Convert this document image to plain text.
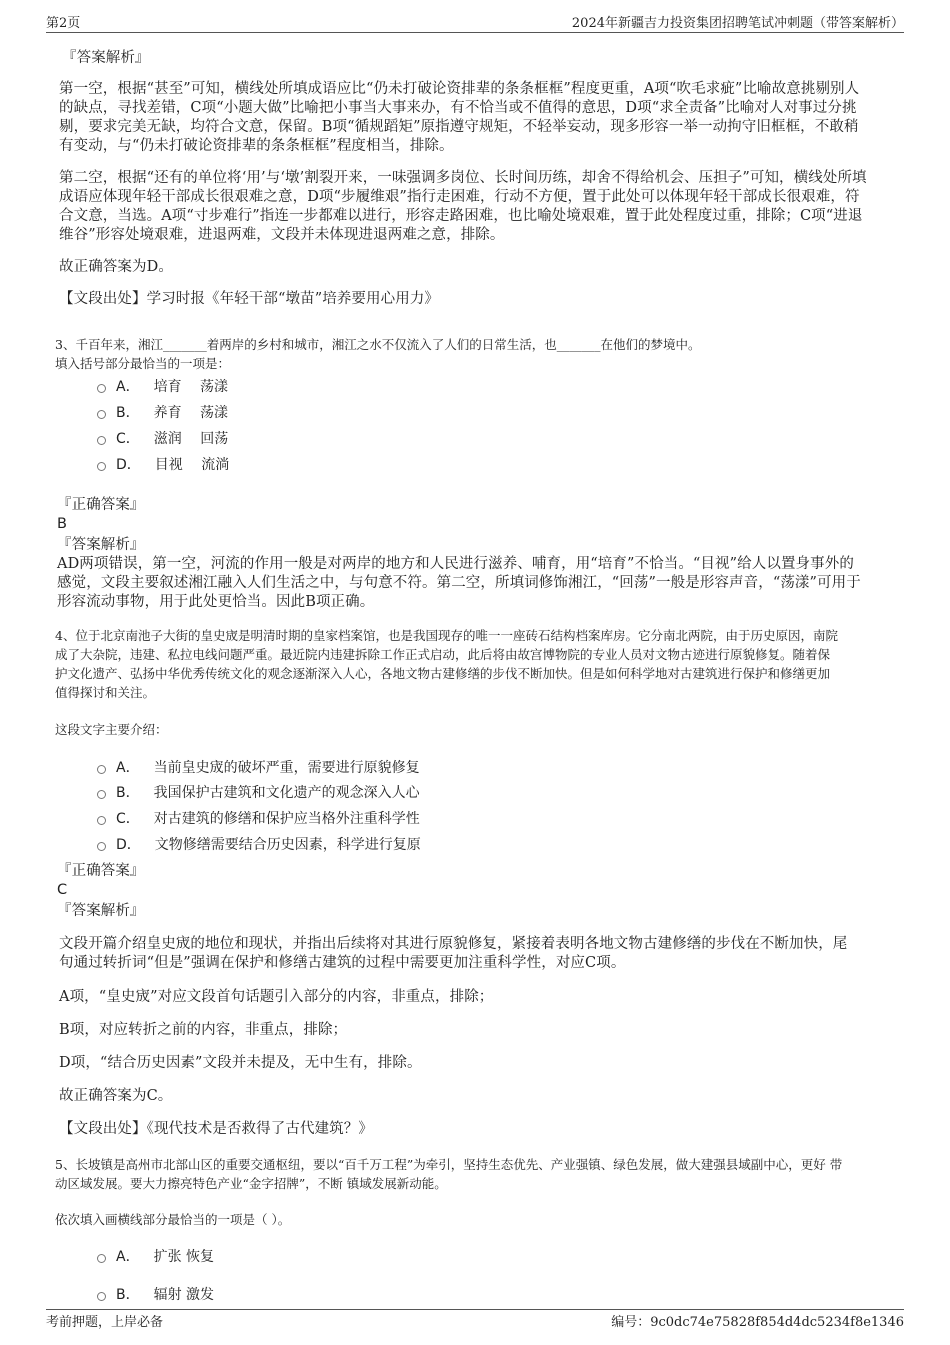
第2页	2024年新疆吉力投资集团招聘笔试冲刺题（带答案解析）
『答案解析』
第一空，根据“甚至”可知，横线处所填成语应比“仍未打破论资排辈的条条框框”程度更重，A项“吹毛求疵”比喻故意挑剔别人
的缺点，寻找差错，C项“小题大做”比喻把小事当大事来办，有不恰当或不值得的意思，D项“求全责备”比喻对人对事过分挑
剔，要求完美无缺，均符合文意，保留。B项“循规蹈矩”原指遵守规矩，不轻举妄动，现多形容一举一动拘守旧框框，不敢稍
有变动，与“仍未打破论资排辈的条条框框”程度相当，排除。
第二空，根据“还有的单位将‘用’与‘墩’割裂开来，一味强调多岗位、长时间历练，却舍不得给机会、压担子”可知，横线处所填
成语应体现年轻干部成长很艰难之意，D项“步履维艰”指行走困难，行动不方便，置于此处可以体现年轻干部成长很艰难，符
合文意，当选。A项“寸步难行”指连一步都难以进行，形容走路困难，也比喻处境艰难，置于此处程度过重，排除；C项“进退
维谷”形容处境艰难，进退两难，文段并未体现进退两难之意，排除。
故正确答案为D。
【文段出处】学习时报《年轻干部“墩苗”培养要用心用力》
3、千百年来，湘江_______着两岸的乡村和城市，湘江之水不仅流入了人们的日常生活，也_______在他们的梦境中。
填入括号部分最恰当的一项是：
A． 培育　 荡漾
B． 养育　 荡漾
C． 滋润　 回荡
D． 目视　 流淌
『正确答案』
B
『答案解析』
AD两项错误，第一空，河流的作用一般是对两岸的地方和人民进行滋养、哺育，用“培育”不恰当。“目视”给人以置身事外的
感觉，文段主要叙述湘江融入人们生活之中，与句意不符。第二空，所填词修饰湘江，“回荡”一般是形容声音，“荡漾”可用于
形容流动事物，用于此处更恰当。因此B项正确。
4、位于北京南池子大街的皇史宬是明清时期的皇家档案馆，也是我国现存的唯一一座砖石结构档案库房。它分南北两院，由于历史原因，南院
成了大杂院，违建、私拉电线问题严重。最近院内违建拆除工作正式启动，此后将由故宫博物院的专业人员对文物古迹进行原貌修复。随着保
护文化遗产、弘扬中华优秀传统文化的观念逐渐深入人心，各地文物古建修缮的步伐不断加快。但是如何科学地对古建筑进行保护和修缮更加
值得探讨和关注。
这段文字主要介绍：
A． 当前皇史宬的破坏严重，需要进行原貌修复
B． 我国保护古建筑和文化遗产的观念深入人心
C． 对古建筑的修缮和保护应当格外注重科学性
D． 文物修缮需要结合历史因素，科学进行复原
『正确答案』
C
『答案解析』
文段开篇介绍皇史宬的地位和现状，并指出后续将对其进行原貌修复，紧接着表明各地文物古建修缮的步伐在不断加快，尾
句通过转折词“但是”强调在保护和修缮古建筑的过程中需要更加注重科学性，对应C项。
A项，“皇史宬”对应文段首句话题引入部分的内容，非重点，排除；
B项，对应转折之前的内容，非重点，排除；
D项，“结合历史因素”文段并未提及，无中生有，排除。
故正确答案为C。
【文段出处】《现代技术是否救得了古代建筑？》
5、长坡镇是高州市北部山区的重要交通枢纽，要以“百千万工程”为牵引，坚持生态优先、产业强镇、绿色发展，做大建强县域副中心，更好 带
动区域发展。要大力擦亮特色产业“金字招牌”，不断 镇域发展新动能。
依次填入画横线部分最恰当的一项是（ ）。
A． 扩张 恢复
B． 辐射 激发
考前押题，上岸必备	编号：9c0dc74e75828f854d4dc5234f8e1346
